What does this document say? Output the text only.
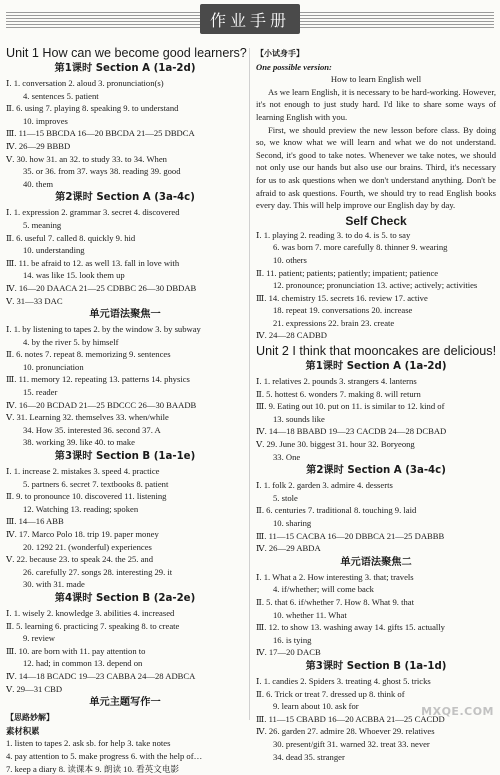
作业手册
Unit 1 How can we become good learners?
第1课时 Section A (1a-2d)
Ⅰ. 1. conversation 2. aloud 3. pronunciation(s)
4. sentences 5. patient
Ⅱ. 6. using 7. playing 8. speaking 9. to understand
10. improves
Ⅲ. 11—15 BBCDA 16—20 BBCDA 21—25 DBDCA
Ⅳ. 26—29 BBBD
Ⅴ. 30. how 31. an 32. to study 33. to 34. When
35. or 36. from 37. ways 38. reading 39. good
40. them
第2课时 Section A (3a-4c)
Ⅰ. 1. expression 2. grammar 3. secret 4. discovered
5. meaning
Ⅱ. 6. useful 7. called 8. quickly 9. hid
10. understanding
Ⅲ. 11. be afraid to 12. as well 13. fall in love with
14. was like 15. look them up
Ⅳ. 16—20 DAACA 21—25 CDBBC 26—30 DBDAB
Ⅴ. 31—33 DAC
单元语法聚焦一
Ⅰ. 1. by listening to tapes 2. by the window 3. by subway
4. by the river 5. by himself
Ⅱ. 6. notes 7. repeat 8. memorizing 9. sentences
10. pronunciation
Ⅲ. 11. memory 12. repeating 13. patterns 14. physics
15. reader
Ⅳ. 16—20 BCDAD 21—25 BDCCC 26—30 BAADB
Ⅴ. 31. Learning 32. themselves 33. when/while
34. How 35. interested 36. second 37. A
38. working 39. like 40. to make
第3课时 Section B (1a-1e)
Ⅰ. 1. increase 2. mistakes 3. speed 4. practice
5. partners 6. secret 7. textbooks 8. patient
Ⅱ. 9. to pronounce 10. discovered 11. listening
12. Watching 13. reading; spoken
Ⅲ. 14—16 ABB
Ⅳ. 17. Marco Polo 18. trip 19. paper money
20. 1292 21. (wonderful) experiences
Ⅴ. 22. because 23. to speak 24. the 25. and
26. carefully 27. songs 28. interesting 29. it
30. with 31. made
第4课时 Section B (2a-2e)
Ⅰ. 1. wisely 2. knowledge 3. abilities 4. increased
Ⅱ. 5. learning 6. practicing 7. speaking 8. to create
9. review
Ⅲ. 10. are born with 11. pay attention to
12. had; in common 13. depend on
Ⅳ. 14—18 BCADC 19—23 CABBA 24—28 ADBCA
Ⅴ. 29—31 CBD
单元主题写作一
【思路妙解】
素材积累
1. listen to tapes 2. ask sb. for help 3. take notes
4. pay attention to 5. make progress 6. with the help of…
7. keep a diary 8. 读课本 9. 朗读 10. 看英文电影
【小试身手】
One possible version:

How to learn English well

As we learn English, it is necessary to be hard-working. However, it's not enough to just study hard. I'd like to share some ways of learning English with you.

First, we should preview the new lesson before class. By doing so, we know what we will learn and what we do not understand. Second, it's good to take notes. Whenever we take notes, we should not only use our hands but also use our brains. Third, it's necessary for us to ask questions when we don't understand anything. Don't be afraid to ask questions. Fourth, we should try to read English books every day. This will help improve our English day by day.

Self Check
Ⅰ. 1. playing 2. reading 3. to do 4. is 5. to say
6. was born 7. more carefully 8. thinner 9. wearing
10. others
Ⅱ. 11. patient; patients; patiently; impatient; patience
12. pronounce; pronunciation 13. active; actively; activities
Ⅲ. 14. chemistry 15. secrets 16. review 17. active
18. repeat 19. conversations 20. increase
21. expressions 22. brain 23. create
Ⅳ. 24—28 CADBD
Unit 2 I think that mooncakes are delicious!
第1课时 Section A (1a-2d)
Ⅰ. 1. relatives 2. pounds 3. strangers 4. lanterns
Ⅱ. 5. hottest 6. wonders 7. making 8. will return
Ⅲ. 9. Eating out 10. put on 11. is similar to 12. kind of
13. sounds like
Ⅳ. 14—18 BBABD 19—23 CACDB 24—28 DCBAD
Ⅴ. 29. June 30. biggest 31. hour 32. Boryeong
33. One
第2课时 Section A (3a-4c)
Ⅰ. 1. folk 2. garden 3. admire 4. desserts
5. stole
Ⅱ. 6. centuries 7. traditional 8. touching 9. laid
10. sharing
Ⅲ. 11—15 CACBA 16—20 DBBCA 21—25 DABBB
Ⅳ. 26—29 ABDA
单元语法聚焦二
Ⅰ. 1. What a 2. How interesting 3. that; travels
4. if/whether; will come back
Ⅱ. 5. that 6. if/whether 7. How 8. What 9. that
10. whether 11. What
Ⅲ. 12. to show 13. washing away 14. gifts 15. actually
16. is tying
Ⅳ. 17—20 DACB
第3课时 Section B (1a-1d)
Ⅰ. 1. candies 2. Spiders 3. treating 4. ghost 5. tricks
Ⅱ. 6. Trick or treat 7. dressed up 8. think of
9. learn about 10. ask for
Ⅲ. 11—15 CBABD 16—20 ACBBA 21—25 CACDD
Ⅳ. 26. garden 27. admire 28. Whoever 29. relatives
30. present/gift 31. warned 32. treat 33. never
34. dead 35. stranger
MXQE.COM
